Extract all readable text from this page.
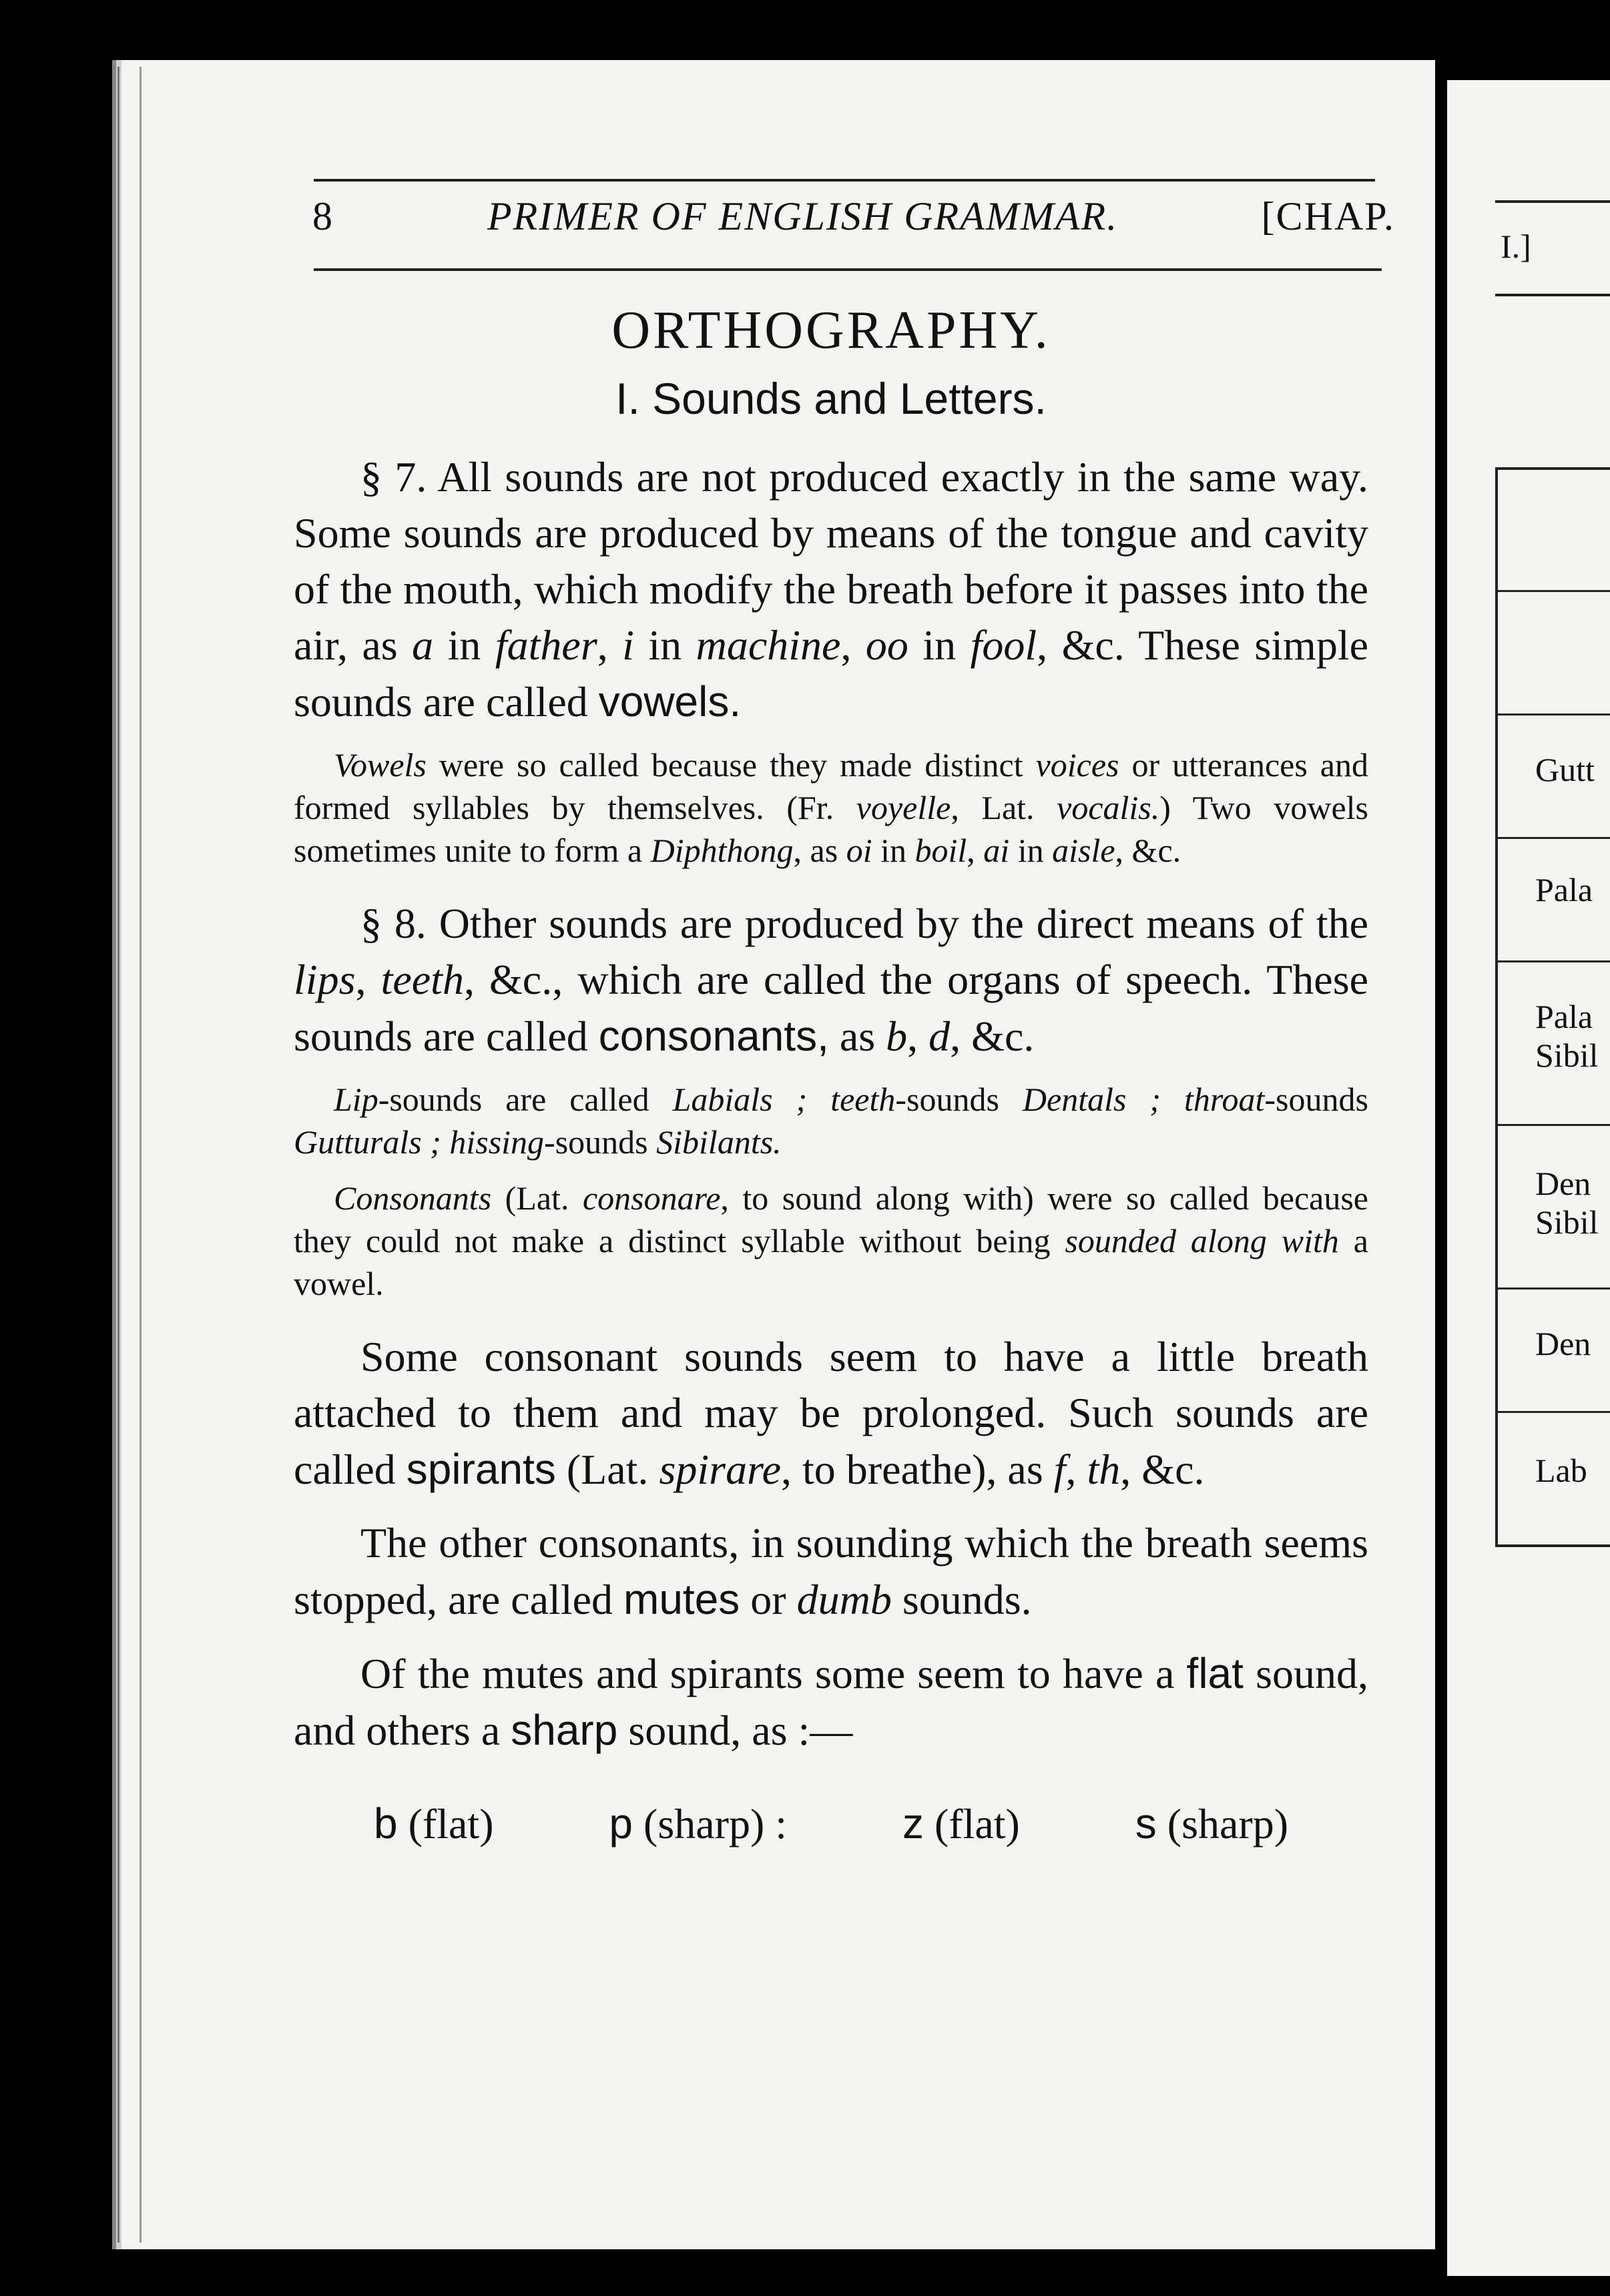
8	PRIMER OF ENGLISH GRAMMAR.	[CHAP.
ORTHOGRAPHY.
I. Sounds and Letters.

§ 7. All sounds are not produced exactly in the same way. Some sounds are produced by means of the tongue and cavity of the mouth, which modify the breath before it passes into the air, as a in father, i in machine, oo in fool, &c. These simple sounds are called vowels.

Vowels were so called because they made distinct voices or utterances and formed syllables by themselves. (Fr. voyelle, Lat. vocalis.) Two vowels sometimes unite to form a Diphthong, as oi in boil, ai in aisle, &c.

§ 8. Other sounds are produced by the direct means of the lips, teeth, &c., which are called the organs of speech. These sounds are called consonants, as b, d, &c.

Lip-sounds are called Labials ; teeth-sounds Dentals ; throat-sounds Gutturals ; hissing-sounds Sibilants.

Consonants (Lat. consonare, to sound along with) were so called because they could not make a distinct syllable without being sounded along with a vowel.

Some consonant sounds seem to have a little breath attached to them and may be prolonged. Such sounds are called spirants (Lat. spirare, to breathe), as f, th, &c.

The other consonants, in sounding which the breath seems stopped, are called mutes or dumb sounds.

Of the mutes and spirants some seem to have a flat sound, and others a sharp sound, as :—

b (flat)	p (sharp) :	z (flat)	s (sharp)
I.]
Gutt
Pala
Pala Sibil
Den Sibil
Den
Lab
